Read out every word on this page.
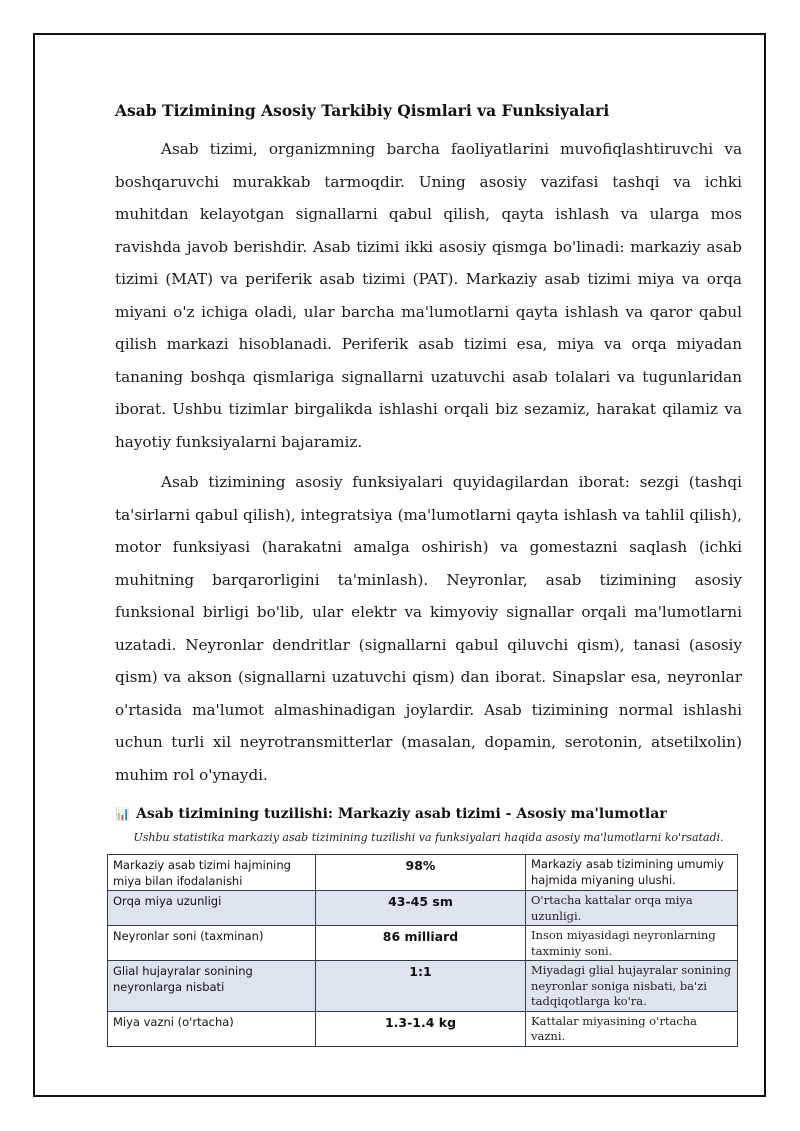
Asab Tizimining Asosiy Tarkibiy Qismlari va Funksiyalari

Asab tizimi, organizmning barcha faoliyatlarini muvofiqlashtiruvchi va boshqaruvchi murakkab tarmoqdir. Uning asosiy vazifasi tashqi va ichki muhitdan kelayotgan signallarni qabul qilish, qayta ishlash va ularga mos ravishda javob berishdir. Asab tizimi ikki asosiy qismga bo'linadi: markaziy asab tizimi (MAT) va periferik asab tizimi (PAT). Markaziy asab tizimi miya va orqa miyani o'z ichiga oladi, ular barcha ma'lumotlarni qayta ishlash va qaror qabul qilish markazi hisoblanadi. Periferik asab tizimi esa, miya va orqa miyadan tananing boshqa qismlariga signallarni uzatuvchi asab tolalari va tugunlaridan iborat. Ushbu tizimlar birgalikda ishlashi orqali biz sezamiz, harakat qilamiz va hayotiy funksiyalarni bajaramiz.

Asab tizimining asosiy funksiyalari quyidagilardan iborat: sezgi (tashqi ta'sirlarni qabul qilish), integratsiya (ma'lumotlarni qayta ishlash va tahlil qilish), motor funksiyasi (harakatni amalga oshirish) va gomestazni saqlash (ichki muhitning barqarorligini ta'minlash). Neyronlar, asab tizimining asosiy funksional birligi bo'lib, ular elektr va kimyoviy signallar orqali ma'lumotlarni uzatadi. Neyronlar dendritlar (signallarni qabul qiluvchi qism), tanasi (asosiy qism) va akson (signallarni uzatuvchi qism) dan iborat. Sinapslar esa, neyronlar o'rtasida ma'lumot almashinadigan joylardir. Asab tizimining normal ishlashi uchun turli xil neyrotransmitterlar (masalan, dopamin, serotonin, atsetilxolin) muhim rol o'ynaydi.

📊 Asab tizimining tuzilishi: Markaziy asab tizimi - Asosiy ma'lumotlar
Ushbu statistika markaziy asab tizimining tuzilishi va funksiyalari haqida asosiy ma'lumotlarni ko'rsatadi.
Markaziy asab tizimi hajmining miya bilan ifodalanishi	98%	Markaziy asab tizimining umumiy hajmida miyaning ulushi.
Orqa miya uzunligi	43-45 sm	O'rtacha kattalar orqa miya uzunligi.
Neyronlar soni (taxminan)	86 milliard	Inson miyasidagi neyronlarning taxminiy soni.
Glial hujayralar sonining neyronlarga nisbati	1:1	Miyadagi glial hujayralar sonining neyronlar soniga nisbati, ba'zi tadqiqotlarga ko'ra.
Miya vazni (o'rtacha)	1.3-1.4 kg	Kattalar miyasining o'rtacha vazni.
